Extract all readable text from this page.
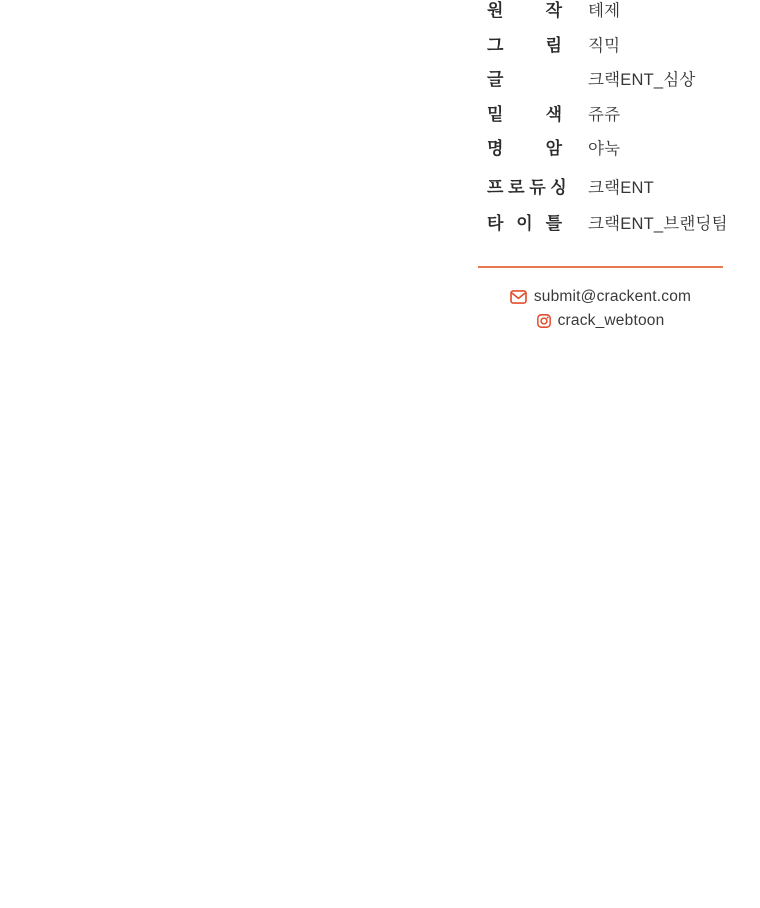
원 작 톄제
그 림 직믹
글	크랙ENT_심상
밑 색 쥬쥬
명 암 야눅
프 로 듀 싱 크랙ENT
타 이 틀 크랙ENT_브랜딩팀
submit@crackent.com
crack_webtoon
